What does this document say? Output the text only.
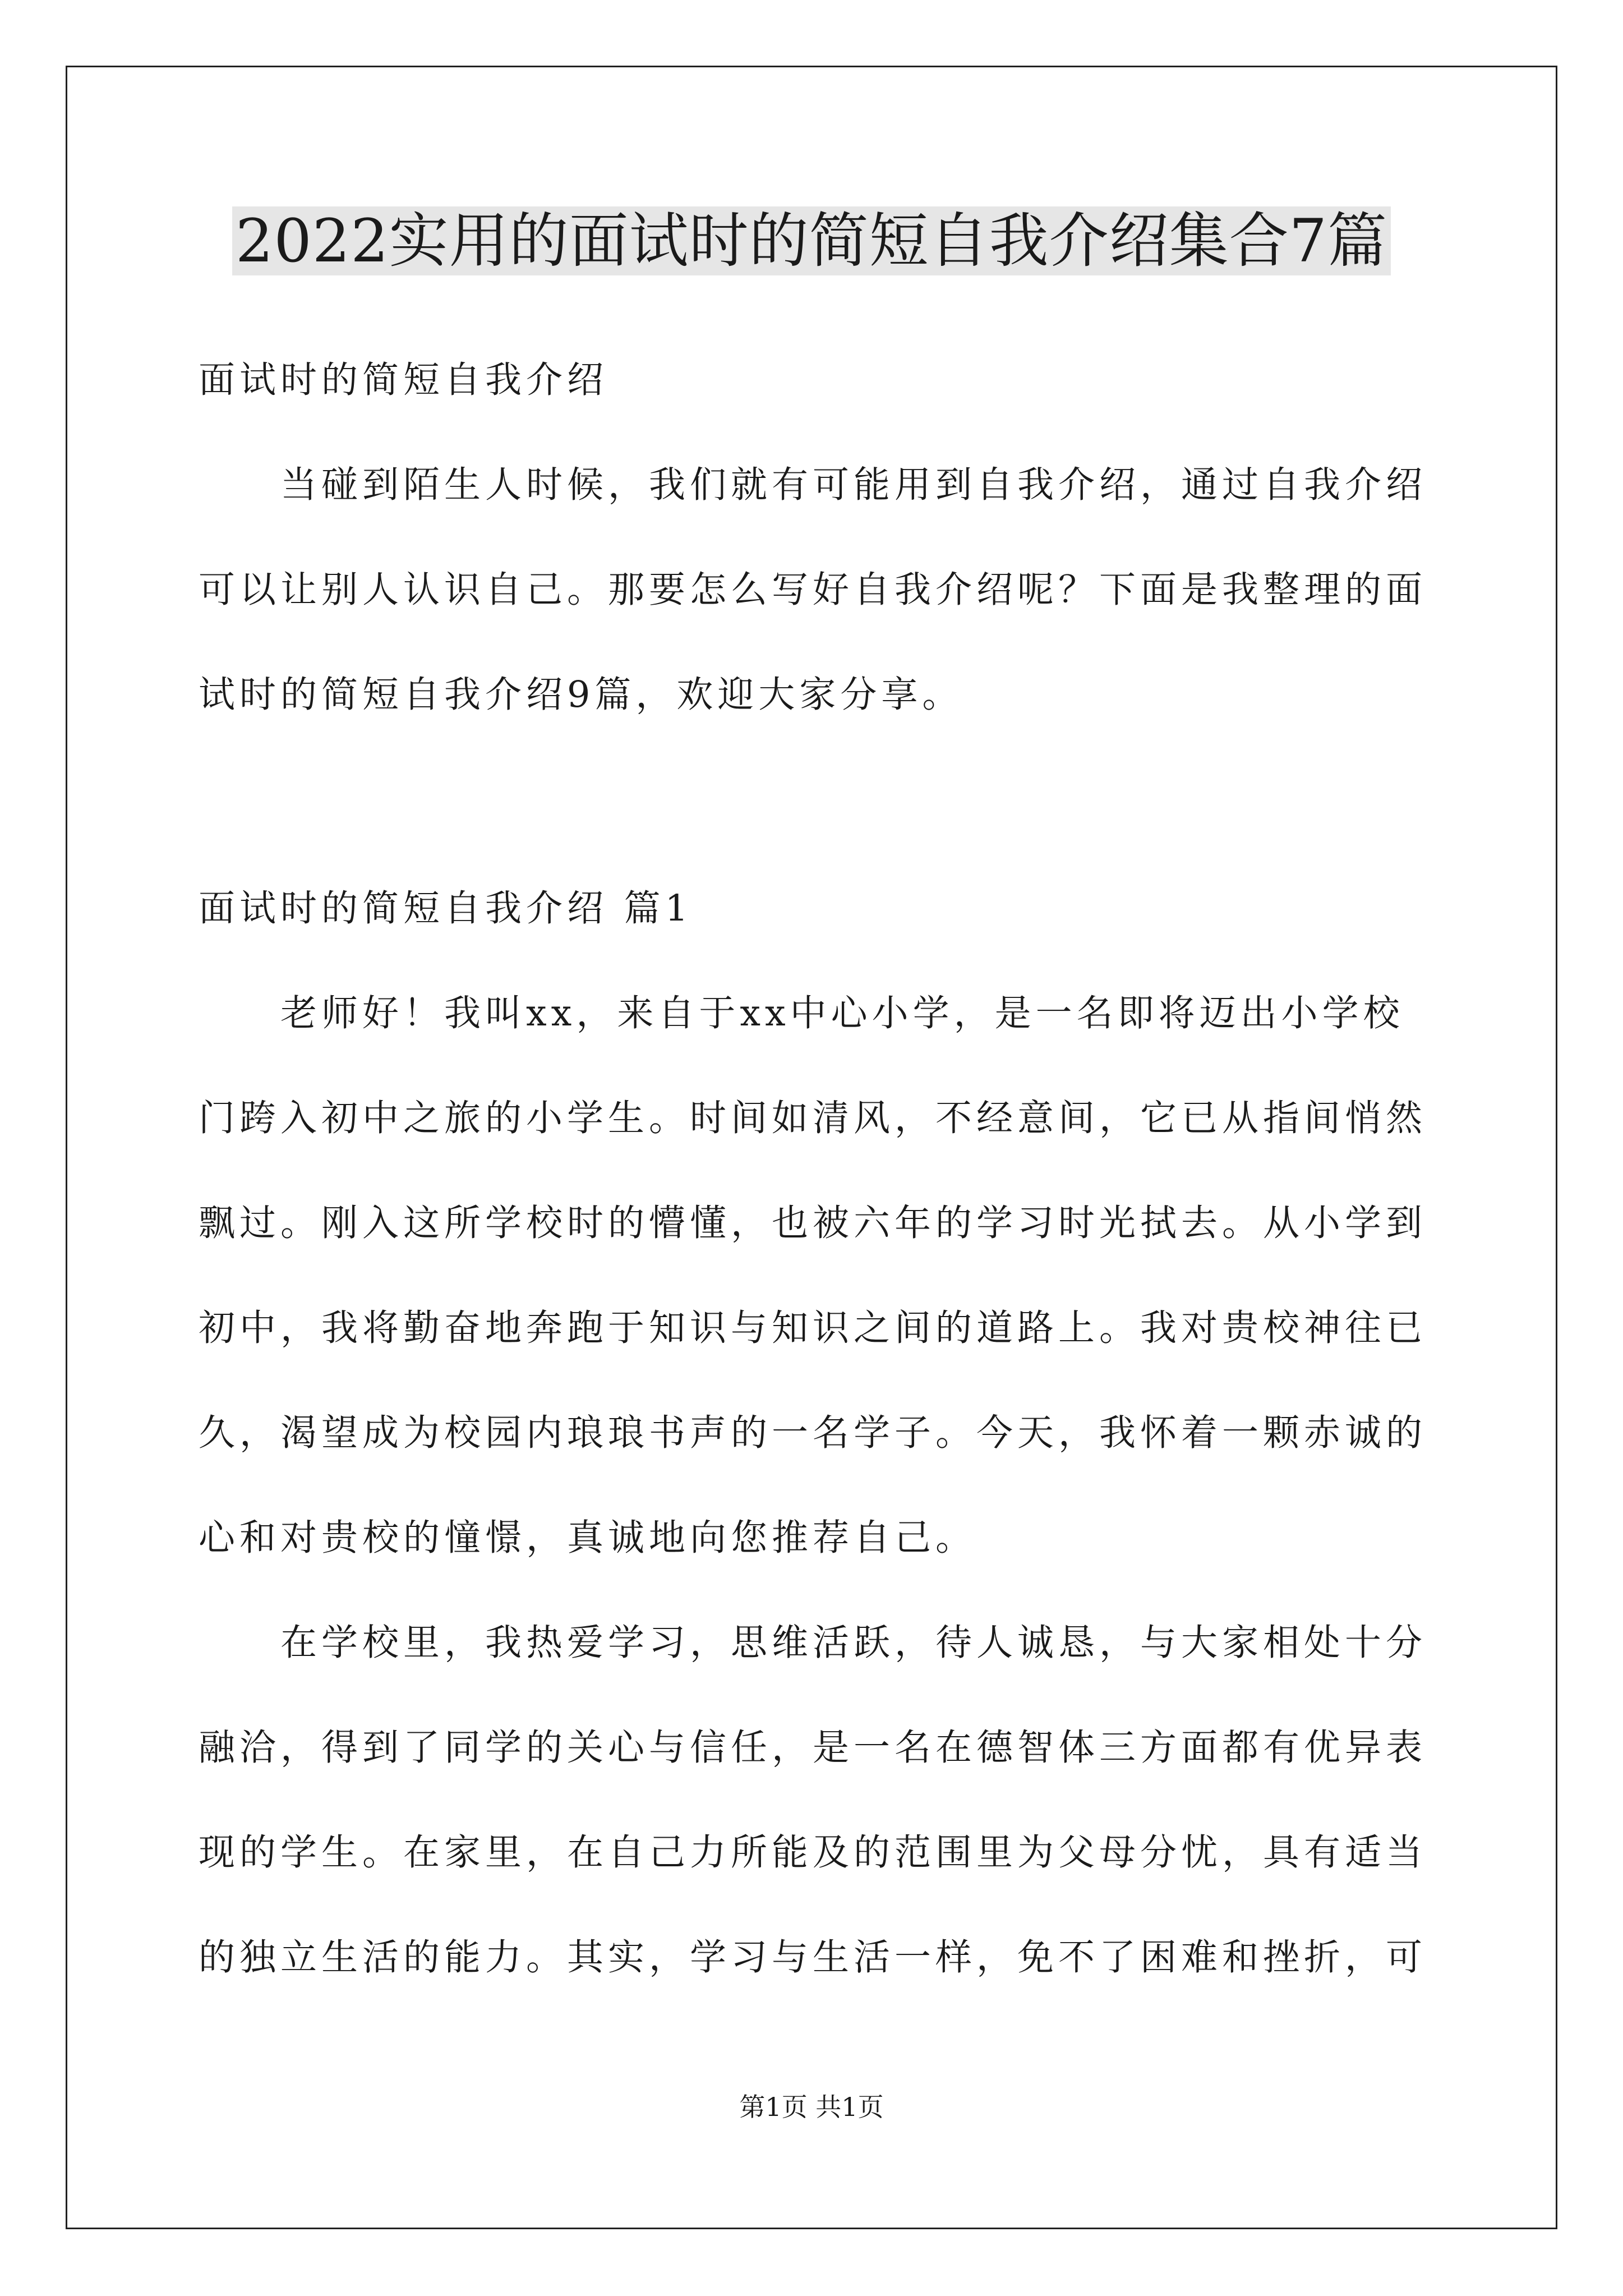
2022实用的面试时的简短自我介绍集合7篇
面试时的简短自我介绍
当碰到陌生人时候，我们就有可能用到自我介绍，通过自我介绍
可以让别人认识自己。那要怎么写好自我介绍呢？下面是我整理的面
试时的简短自我介绍9篇，欢迎大家分享。
面试时的简短自我介绍 篇1
老师好！我叫xx，来自于xx中心小学，是一名即将迈出小学校
门跨入初中之旅的小学生。时间如清风，不经意间，它已从指间悄然
飘过。刚入这所学校时的懵懂，也被六年的学习时光拭去。从小学到
初中，我将勤奋地奔跑于知识与知识之间的道路上。我对贵校神往已
久，渴望成为校园内琅琅书声的一名学子。今天，我怀着一颗赤诚的
心和对贵校的憧憬，真诚地向您推荐自己。
在学校里，我热爱学习，思维活跃，待人诚恳，与大家相处十分
融洽，得到了同学的关心与信任，是一名在德智体三方面都有优异表
现的学生。在家里，在自己力所能及的范围里为父母分忧，具有适当
的独立生活的能力。其实，学习与生活一样，免不了困难和挫折，可
第1页 共1页
